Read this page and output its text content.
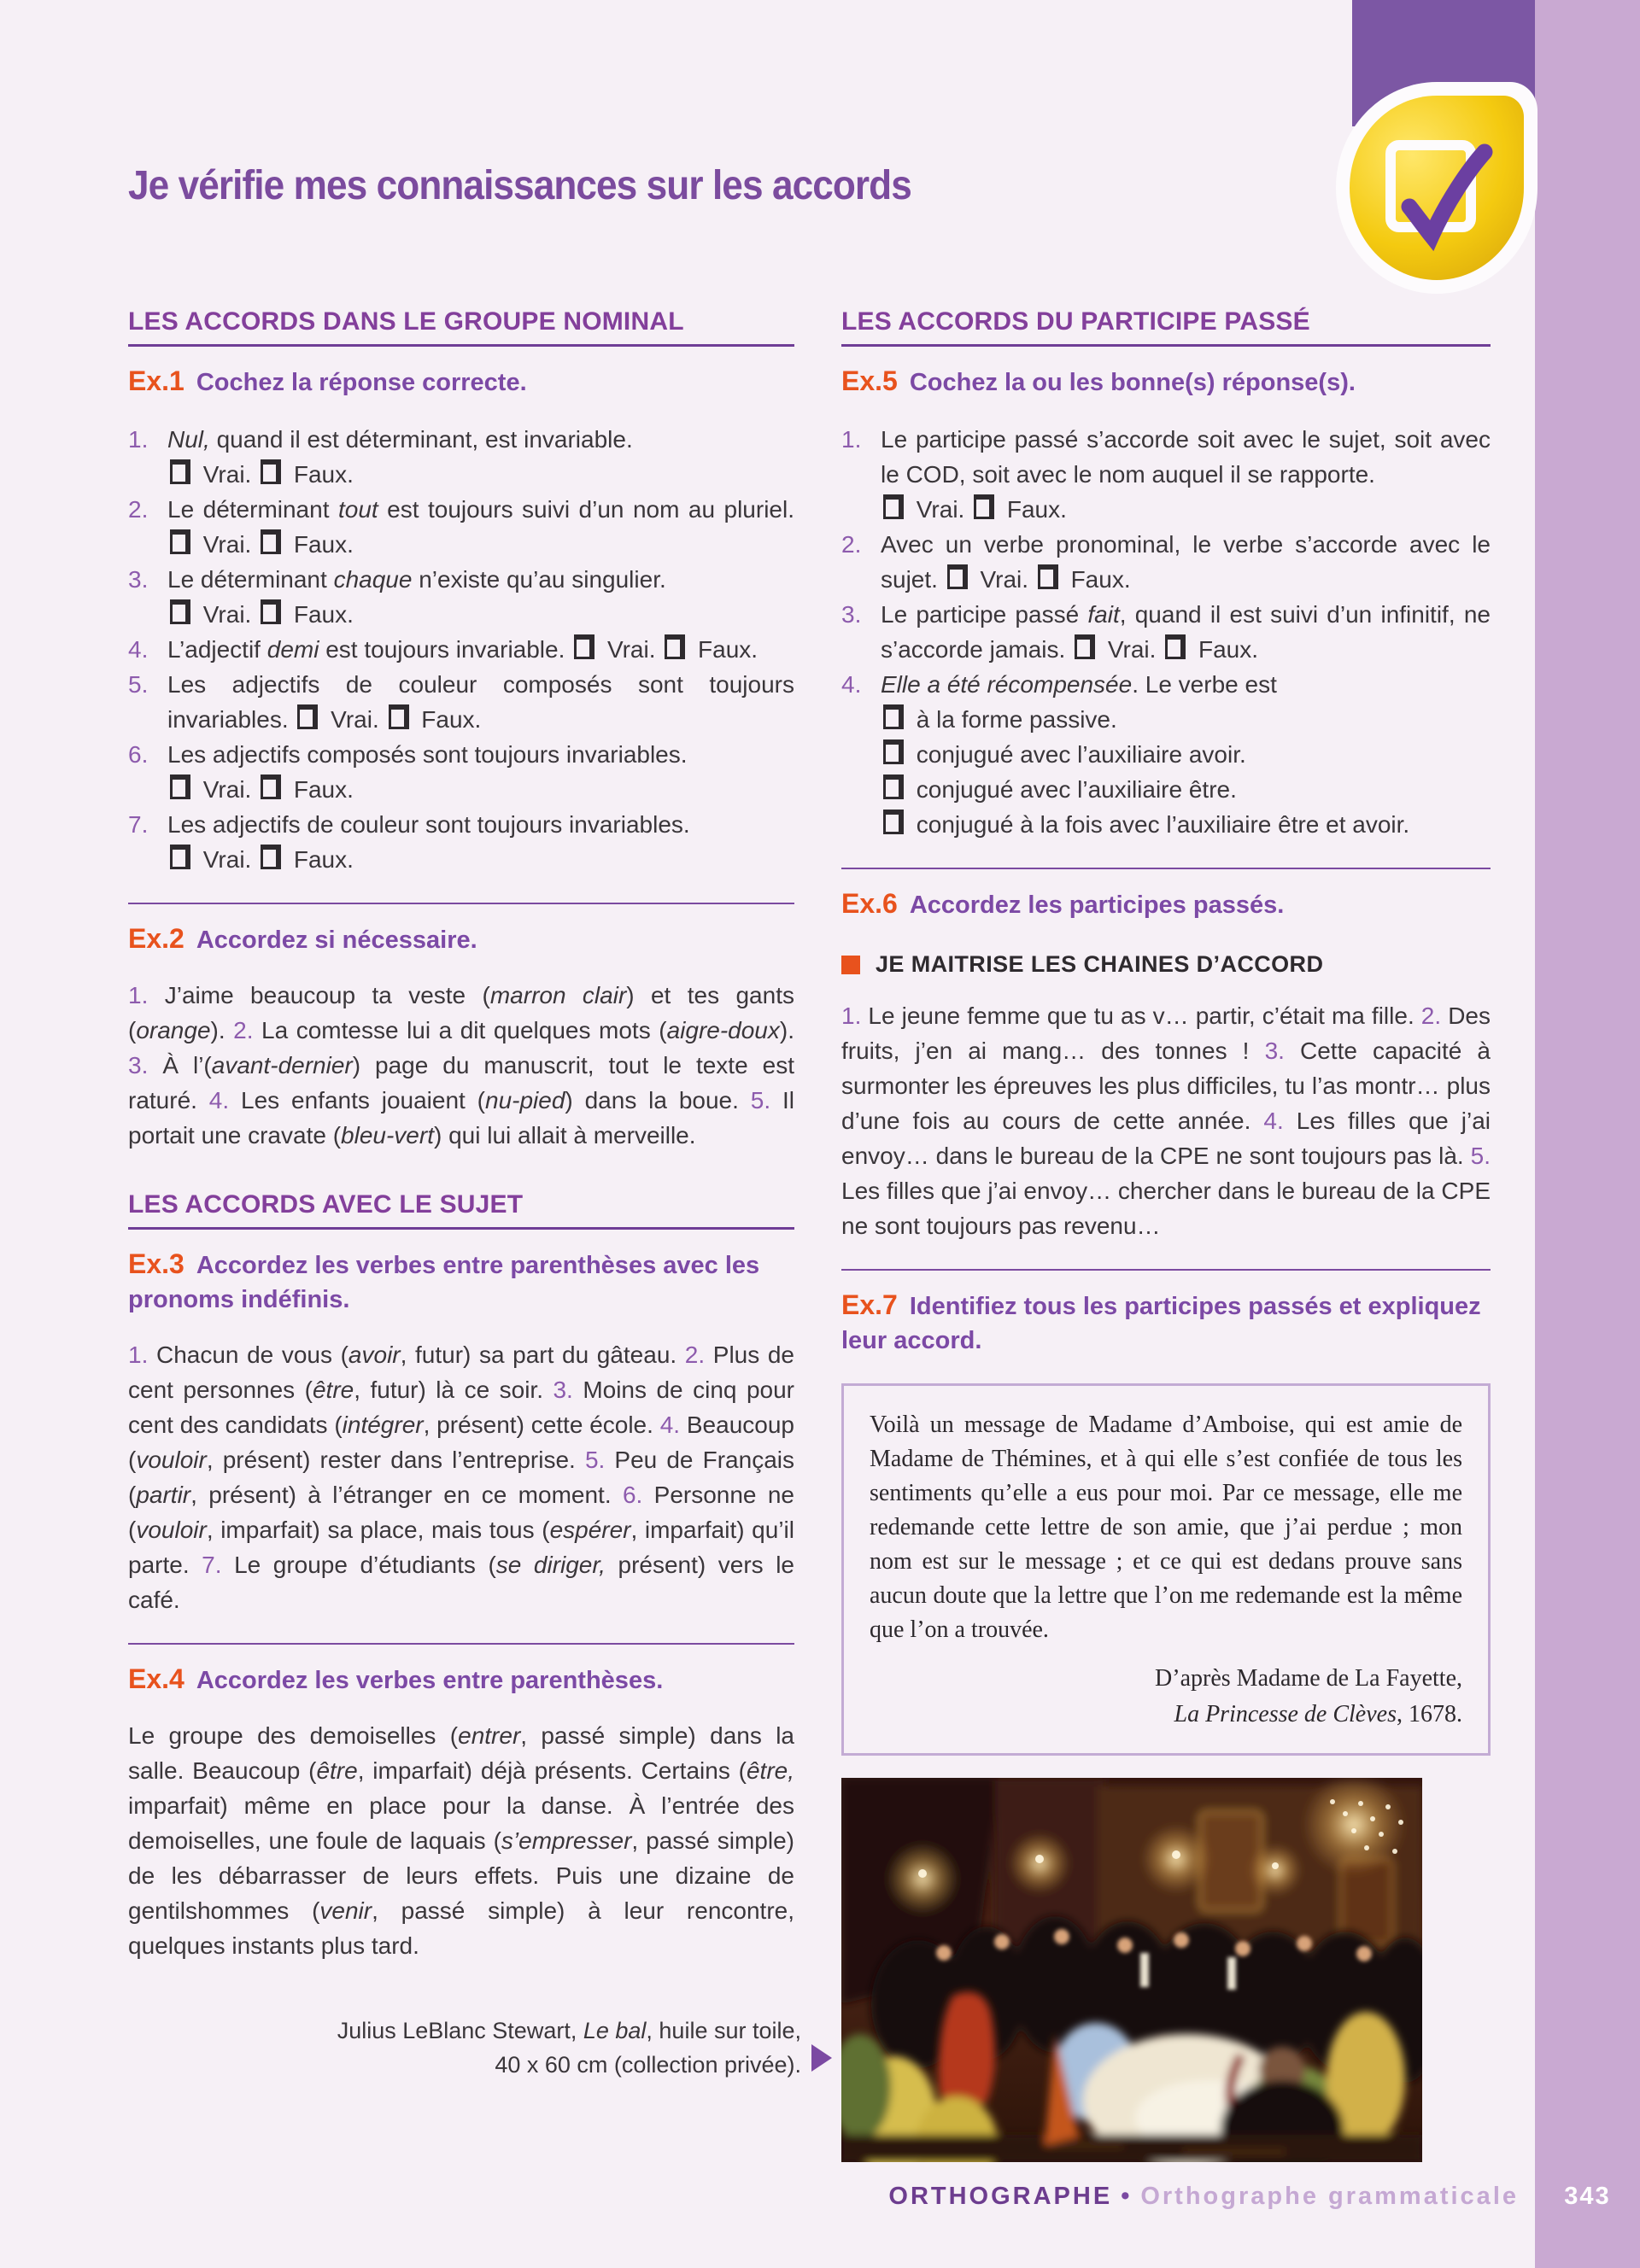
Je vérifie mes connaissances sur les accords
LES ACCORDS DANS LE GROUPE NOMINAL
Ex.1 Cochez la réponse correcte.
1. Nul, quand il est déterminant, est invariable.
Vrai.  Faux.
2. Le déterminant tout est toujours suivi d’un nom au pluriel.  Vrai.  Faux.
3. Le déterminant chaque n’existe qu’au singulier.
Vrai.  Faux.
4. L’adjectif demi est toujours invariable.  Vrai.  Faux.
5. Les adjectifs de couleur composés sont toujours invariables.  Vrai.  Faux.
6. Les adjectifs composés sont toujours invariables.
Vrai.  Faux.
7. Les adjectifs de couleur sont toujours invariables.
Vrai.  Faux.
Ex.2 Accordez si nécessaire.

1. J’aime beaucoup ta veste (marron clair) et tes gants (orange). 2. La comtesse lui a dit quelques mots (aigre-doux). 3. À l’(avant-dernier) page du manuscrit, tout le texte est raturé. 4. Les enfants jouaient (nu-pied) dans la boue. 5. Il portait une cravate (bleu-vert) qui lui allait à merveille.

LES ACCORDS AVEC LE SUJET
Ex.3 Accordez les verbes entre parenthèses avec les pronoms indéfinis.

1. Chacun de vous (avoir, futur) sa part du gâteau. 2. Plus de cent personnes (être, futur) là ce soir. 3. Moins de cinq pour cent des candidats (intégrer, présent) cette école. 4. Beaucoup (vouloir, présent) rester dans l’entreprise. 5. Peu de Français (partir, présent) à l’étranger en ce moment. 6. Personne ne (vouloir, imparfait) sa place, mais tous (espérer, imparfait) qu’il parte. 7. Le groupe d’étudiants (se diriger, présent) vers le café.

Ex.4 Accordez les verbes entre parenthèses.

Le groupe des demoiselles (entrer, passé simple) dans la salle. Beaucoup (être, imparfait) déjà présents. Certains (être, imparfait) même en place pour la danse. À l’entrée des demoiselles, une foule de laquais (s’empresser, passé simple) de les débarrasser de leurs effets. Puis une dizaine de gentilshommes (venir, passé simple) à leur rencontre, quelques instants plus tard.

LES ACCORDS DU PARTICIPE PASSÉ
Ex.5 Cochez la ou les bonne(s) réponse(s).
1. Le participe passé s’accorde soit avec le sujet, soit avec le COD, soit avec le nom auquel il se rapporte.
Vrai.  Faux.
2. Avec un verbe pronominal, le verbe s’accorde avec le sujet.  Vrai.  Faux.
3. Le participe passé fait, quand il est suivi d’un infinitif, ne s’accorde jamais.  Vrai.  Faux.
4. Elle a été récompensée. Le verbe est
à la forme passive.
conjugué avec l’auxiliaire avoir.
conjugué avec l’auxiliaire être.
conjugué à la fois avec l’auxiliaire être et avoir.
Ex.6 Accordez les participes passés.
JE MAITRISE LES CHAINES D’ACCORD

1. Le jeune femme que tu as v… partir, c’était ma fille. 2. Des fruits, j’en ai mang… des tonnes ! 3. Cette capacité à surmonter les épreuves les plus difficiles, tu l’as montr… plus d’une fois au cours de cette année. 4. Les filles que j’ai envoy… dans le bureau de la CPE ne sont toujours pas là. 5. Les filles que j’ai envoy… chercher dans le bureau de la CPE ne sont toujours pas revenu…

Ex.7 Identifiez tous les participes passés et expliquez leur accord.

Voilà un message de Madame d’Amboise, qui est amie de Madame de Thémines, et à qui elle s’est confiée de tous les sentiments qu’elle a eus pour moi. Par ce message, elle me redemande cette lettre de son amie, que j’ai perdue ; mon nom est sur le message ; et ce qui est dedans prouve sans aucun doute que la lettre que l’on me redemande est la même que l’on a trouvée.

D’après Madame de La Fayette,
La Princesse de Clèves, 1678.
Julius LeBlanc Stewart, Le bal, huile sur toile,
40 x 60 cm (collection privée).
ORTHOGRAPHE • Orthographe grammaticale	343
